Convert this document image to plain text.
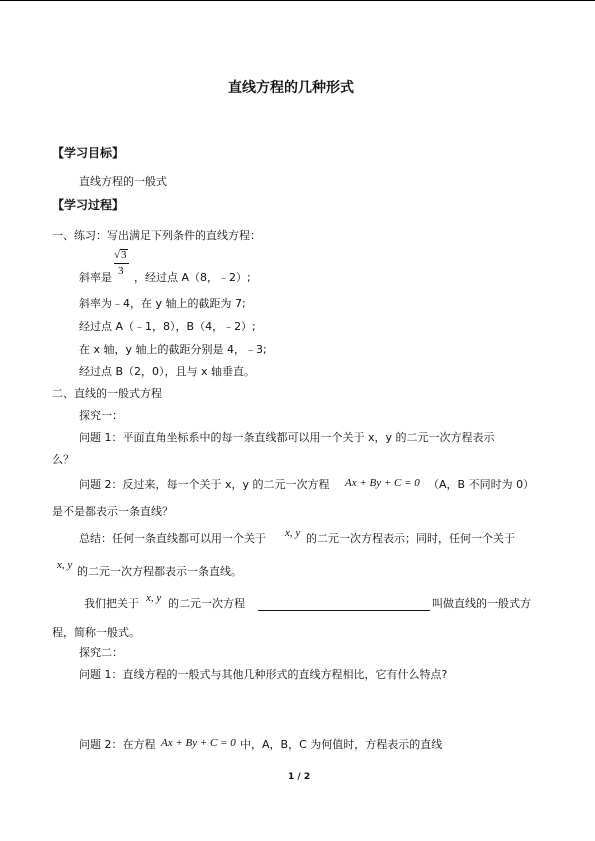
直线方程的几种形式
【学习目标】
直线方程的一般式
【学习过程】
一、练习：写出满足下列条件的直线方程：
√3
3
斜率是 ，经过点 A（8，﹣2）;
斜率为﹣4，在 y 轴上的截距为 7;
经过点 A（﹣1，8），B（4，﹣2）;
在 x 轴，y 轴上的截距分别是 4，﹣3;
经过点 B（2，0），且与 x 轴垂直。
二、直线的一般式方程
探究一：
问题 1：平面直角坐标系中的每一条直线都可以用一个关于 x，y 的二元一次方程表示
么？
问题 2：反过来，每一个关于 x，y 的二元一次方程 Ax + By + C = 0 （A，B 不同时为 0）
是不是都表示一条直线？
总结：任何一条直线都可以用一个关于 x, y 的二元一次方程表示；同时，任何一个关于
x, y 的二元一次方程都表示一条直线。
我们把关于 x, y 的二元一次方程	叫做直线的一般式方
程，简称一般式。
探究二：
问题 1：直线方程的一般式与其他几种形式的直线方程相比，它有什么特点?
问题 2：在方程 Ax + By + C = 0 中，A，B，C 为何值时，方程表示的直线
1 / 2
